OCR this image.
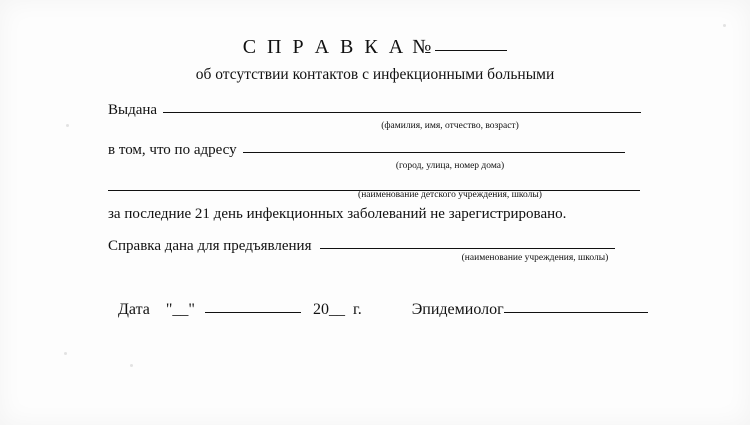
С П Р А В К А №
об отсутствии контактов с инфекционными больными
Выдана
(фамилия, имя, отчество, возраст)
в том, что по адресу
(город, улица, номер дома)
(наименование детского учреждения, школы)
за последние 21 день инфекционных заболеваний не зарегистрировано.
Справка дана для предъявления
(наименование учреждения, школы)
Дата "__"	20__ г.	Эпидемиолог
